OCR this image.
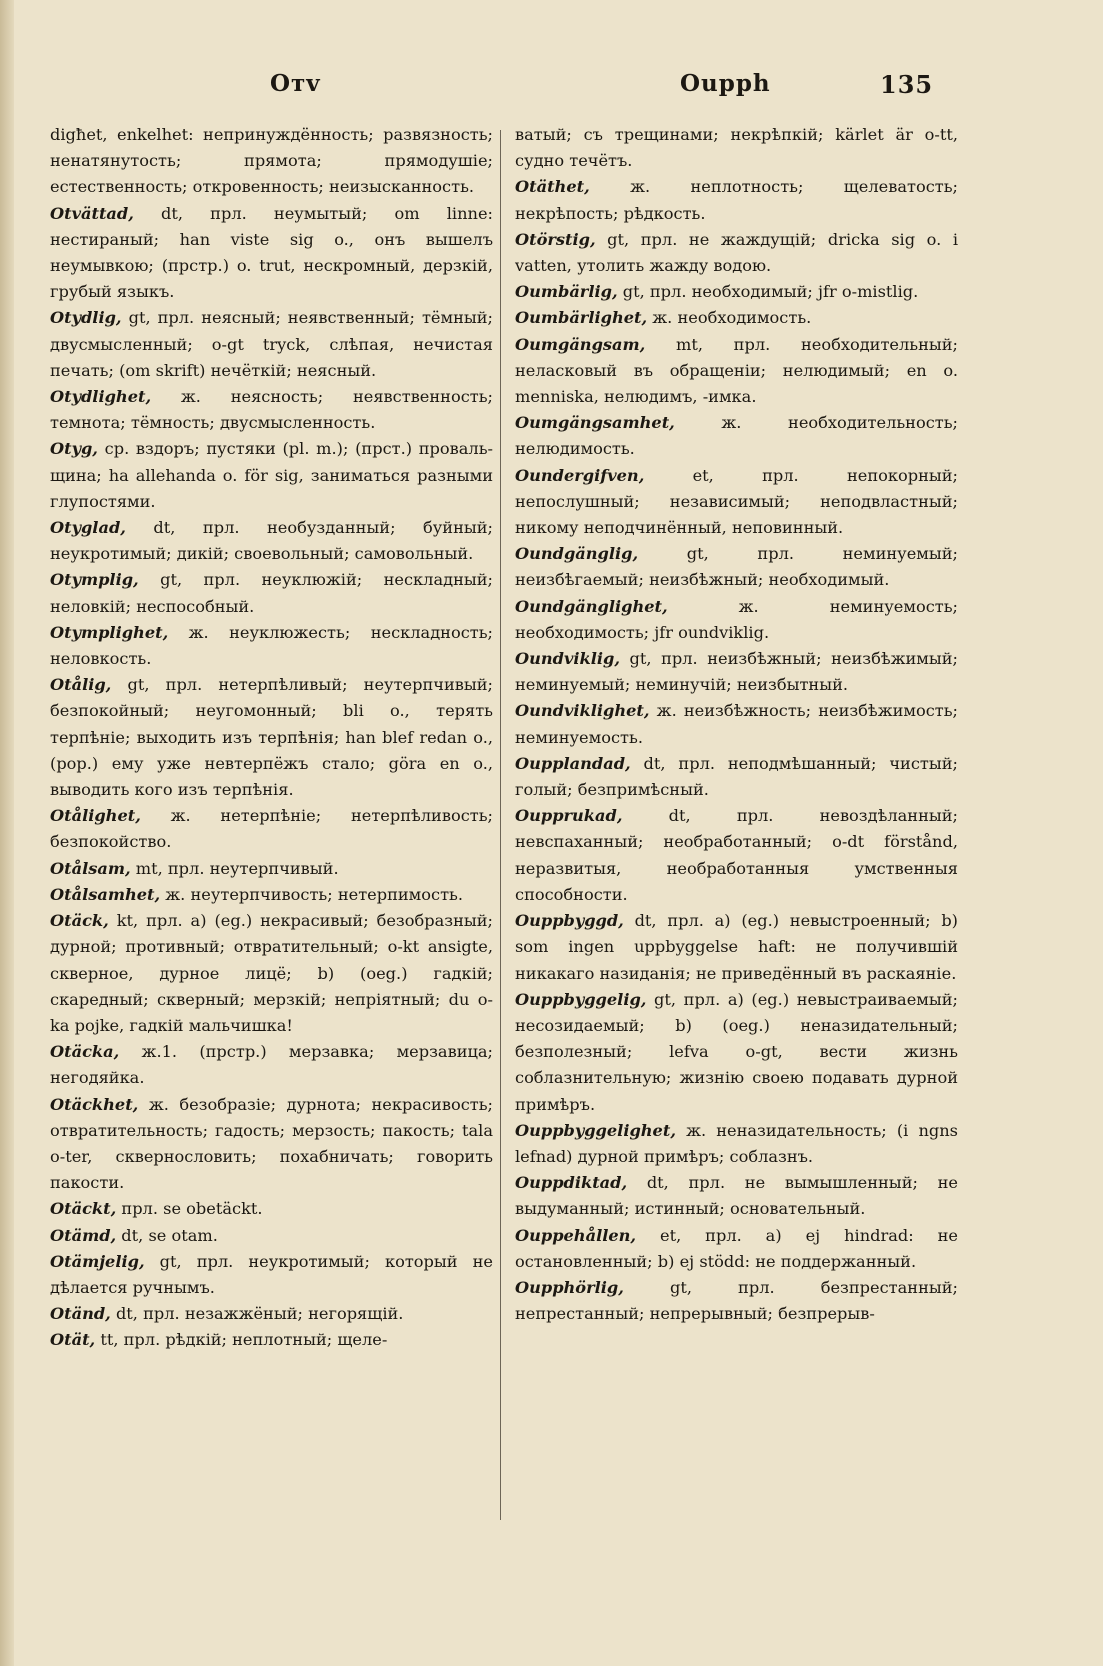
Отv	Oupph	135

digħet, enkelhet: непринуждённость; развязность; ненатянутость; прямота; прямодушіе; естественность; откровенность; неизысканность.

Otvättad, dt, прл. неумытый; om linne: нестираный; han viste sig o., онъ вышелъ неумывкою; (прстр.) o. trut, нескромный, дерзкій, грубый языкъ.

Otydlig, gt, прл. неясный; неявственный; тёмный; двусмысленный; o-gt tryck, слѣпая, нечистая печать; (om skrift) нечёткій; неясный.

Otydlighet, ж. неясность; неявственность; темнота; тёмность; двусмысленность.

Otyg, ср. вздоръ; пустяки (pl. m.); (прст.) провальщина; ha allehanda o. för sig, заниматься разными глупостями.

Otyglad, dt, прл. необузданный; буйный; неукротимый; дикій; своевольный; самовольный.

Otymplig, gt, прл. неуклюжій; нескладный; неловкій; неспособный.

Otymplighet, ж. неуклюжесть; нескладность; неловкость.

Otålig, gt, прл. нетерпѣливый; неутерпчивый; безпокойный; неугомонный; bli o., терять терпѣніе; выходить изъ терпѣнія; han blef redan o., (рор.) ему уже невтерпёжъ стало; göra en o., выводить кого изъ терпѣнія.

Otålighet, ж. нетерпѣніе; нетерпѣливость; безпокойство.

Otålsam, mt, прл. неутерпчивый.

Otålsamhet, ж. неутерпчивость; нетерпимость.

Otäck, kt, прл. а) (eg.) некрасивый; безобразный; дурной; противный; отвратительный; o-kt ansigte, скверное, дурное лицё; b) (oeg.) гадкій; скаредный; скверный; мерзкій; непріятный; du o-ka pojke, гадкій мальчишка!

Otäcka, ж.1. (прстр.) мерзавка; мерзавица; негодяйка.

Otäckhet, ж. безобразіе; дурнота; некрасивость; отвратительность; гадость; мерзость; пакость; tala o-ter, сквернословить; похабничать; говорить пакости.

Otäckt, прл. se obetäckt.

Otämd, dt, se otam.

Otämjelig, gt, прл. неукротимый; который не дѣлается ручнымъ.

Otänd, dt, прл. незажжёный; негорящій.

Otät, tt, прл. рѣдкій; неплотный; щеле-

ватый; съ трещинами; некрѣпкій; kärlet är o-tt, судно течётъ.

Otäthet, ж. неплотность; щелеватость; некрѣпость; рѣдкость.

Otörstig, gt, прл. не жаждущій; dricka sig o. i vatten, утолить жажду водою.

Oumbärlig, gt, прл. необходимый; jfr o-mistlig.

Oumbärlighet, ж. необходимость.

Oumgängsam, mt, прл. необходительный; неласковый въ обращеніи; нелюдимый; en o. menniska, нелюдимъ, -имка.

Oumgängsamhet, ж. необходительность; нелюдимость.

Oundergifven, et, прл. непокорный; непослушный; независимый; неподвластный; никому неподчинённый, неповинный.

Oundgänglig, gt, прл. неминуемый; неизбѣгаемый; неизбѣжный; необходимый.

Oundgänglighet, ж. неминуемость; необходимость; jfr oundviklig.

Oundviklig, gt, прл. неизбѣжный; неизбѣжимый; неминуемый; неминучій; неизбытный.

Oundviklighet, ж. неизбѣжность; неизбѣжимость; неминуемость.

Oupplandad, dt, прл. неподмѣшанный; чистый; голый; безпримѣсный.

Oupprukad, dt, прл. невоздѣланный; невспаханный; необработанный; o-dt förstånd, неразвитыя, необработанныя умственныя способности.

Ouppbyggd, dt, прл. а) (eg.) невыстроенный; b) som ingen uppbyggelse haft: не получившій никакаго назиданія; не приведённый въ раскаяніе.

Ouppbyggelig, gt, прл. а) (eg.) невыстраиваемый; несозидаемый; b) (oeg.) неназидательный; безполезный; lefva o-gt, вести жизнь соблазнительную; жизнію своею подавать дурной примѣръ.

Ouppbyggelighet, ж. неназидательность; (i ngns lefnad) дурной примѣръ; соблазнъ.

Ouppdiktad, dt, прл. не вымышленный; не выдуманный; истинный; основательный.

Ouppehållen, et, прл. а) ej hindrad: не остановленный; b) ej stödd: не поддержанный.

Oupphörlig, gt, прл. безпрестанный; непрестанный; непрерывный; безпрерыв-
